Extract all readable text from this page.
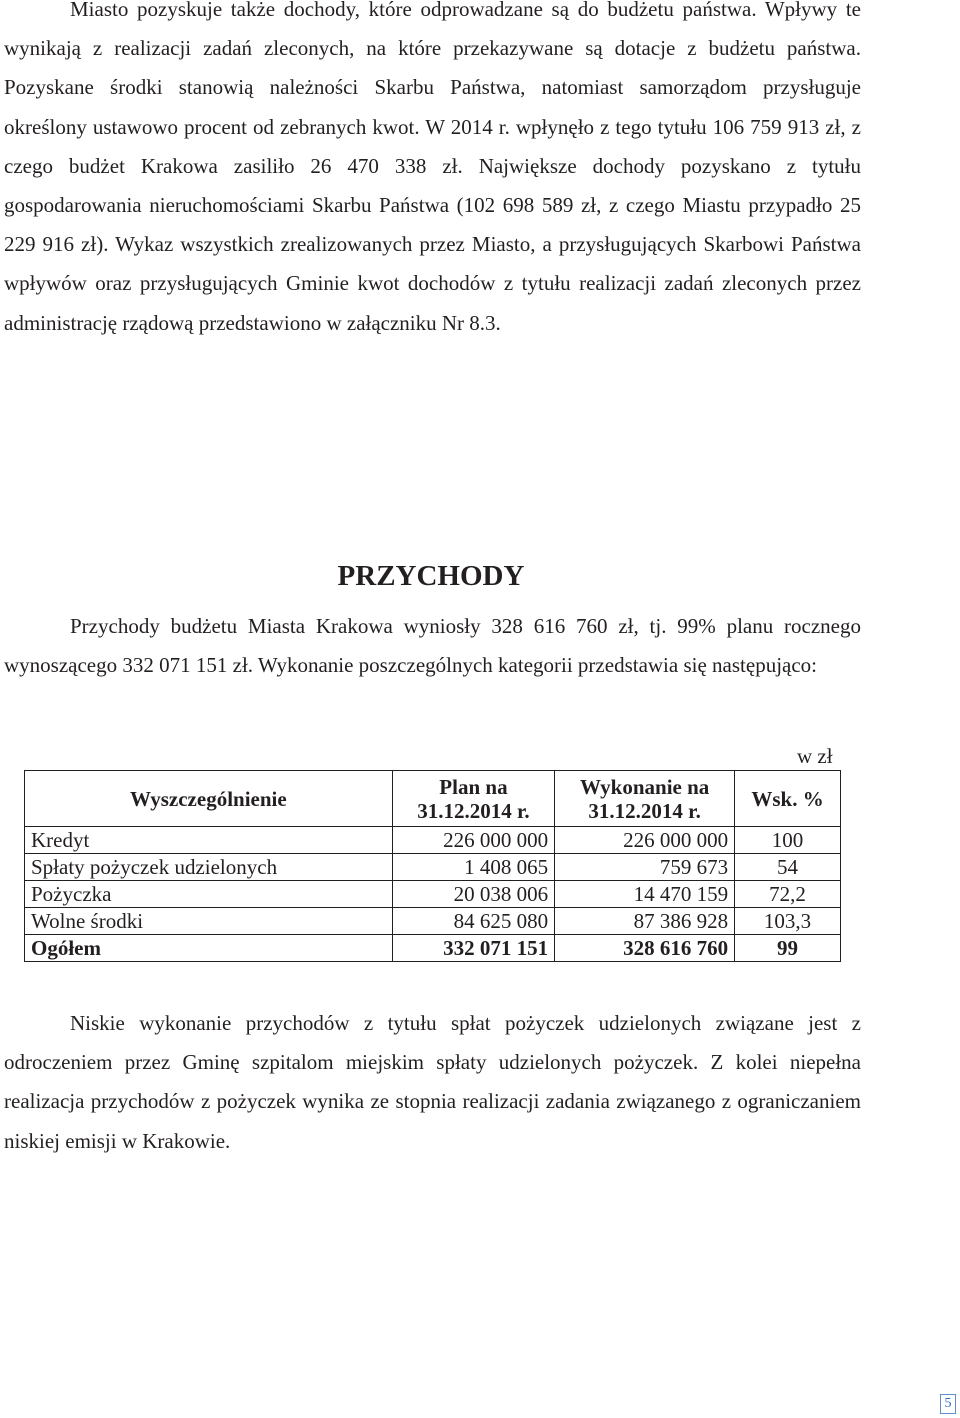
Miasto pozyskuje także dochody, które odprowadzane są do budżetu państwa. Wpływy te wynikają z realizacji zadań zleconych, na które przekazywane są dotacje z budżetu państwa. Pozyskane środki stanowią należności Skarbu Państwa, natomiast samorządom przysługuje określony ustawowo procent od zebranych kwot. W 2014 r. wpłynęło z tego tytułu 106 759 913 zł, z czego budżet Krakowa zasiliło 26 470 338 zł. Największe dochody pozyskano z tytułu gospodarowania nieruchomościami Skarbu Państwa (102 698 589 zł, z czego Miastu przypadło 25 229 916 zł). Wykaz wszystkich zrealizowanych przez Miasto, a przysługujących Skarbowi Państwa wpływów oraz przysługujących Gminie kwot dochodów z tytułu realizacji zadań zleconych przez administrację rządową przedstawiono w załączniku Nr 8.3.

PRZYCHODY

Przychody budżetu Miasta Krakowa wyniosły 328 616 760 zł, tj. 99% planu rocznego wynoszącego 332 071 151 zł. Wykonanie poszczególnych kategorii przedstawia się następująco:

w zł
Wyszczególnienie	Plan na 31.12.2014 r.	Wykonanie na 31.12.2014 r.	Wsk. %
Kredyt	226 000 000	226 000 000	100
Spłaty pożyczek udzielonych	1 408 065	759 673	54
Pożyczka	20 038 006	14 470 159	72,2
Wolne środki	84 625 080	87 386 928	103,3
Ogółem	332 071 151	328 616 760	99

Niskie wykonanie przychodów z tytułu spłat pożyczek udzielonych związane jest z odroczeniem przez Gminę szpitalom miejskim spłaty udzielonych pożyczek. Z kolei niepełna realizacja przychodów z pożyczek wynika ze stopnia realizacji zadania związanego z ograniczaniem niskiej emisji w Krakowie.

5
